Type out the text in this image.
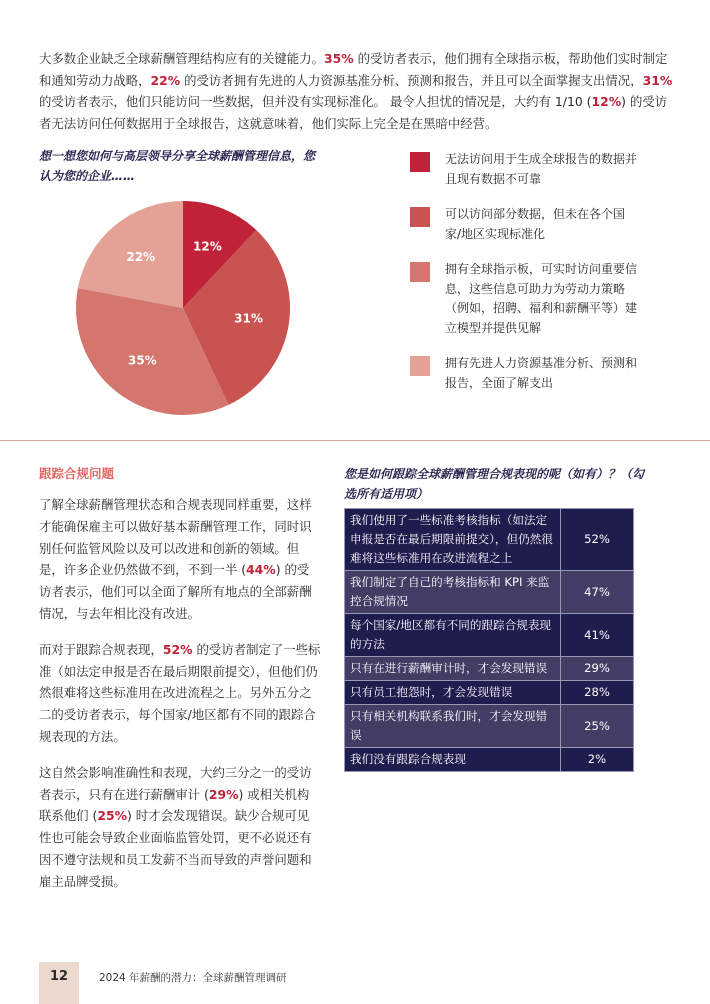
大多数企业缺乏全球薪酬管理结构应有的关键能力。35% 的受访者表示，他们拥有全球指示板，帮助他们实时制定和通知劳动力战略，22% 的受访者拥有先进的人力资源基准分析、预测和报告，并且可以全面掌握支出情况，31% 的受访者表示，他们只能访问一些数据，但并没有实现标准化。 最令人担忧的情况是，大约有 1/10 (12%) 的受访者无法访问任何数据用于全球报告，这就意味着，他们实际上完全是在黑暗中经营。

想一想您如何与高层领导分享全球薪酬管理信息，您认为您的企业……
12%
31%
35%
22%
无法访问用于生成全球报告的数据并且现有数据不可靠
可以访问部分数据，但未在各个国家/地区实现标准化
拥有全球指示板，可实时访问重要信息，这些信息可助力为劳动力策略（例如，招聘、福利和薪酬平等）建立模型并提供见解
拥有先进人力资源基准分析、预测和报告，全面了解支出
跟踪合规问题

了解全球薪酬管理状态和合规表现同样重要，这样才能确保雇主可以做好基本薪酬管理工作，同时识别任何监管风险以及可以改进和创新的领域。但是，许多企业仍然做不到，不到一半 (44%) 的受访者表示，他们可以全面了解所有地点的全部薪酬情况，与去年相比没有改进。

而对于跟踪合规表现，52% 的受访者制定了一些标准（如法定申报是否在最后期限前提交），但他们仍然很难将这些标准用在改进流程之上。另外五分之二的受访者表示，每个国家/地区都有不同的跟踪合规表现的方法。

这自然会影响准确性和表现，大约三分之一的受访者表示，只有在进行薪酬审计 (29%) 或相关机构联系他们 (25%) 时才会发现错误。缺少合规可见性也可能会导致企业面临监管处罚，更不必说还有因不遵守法规和员工发薪不当而导致的声誉问题和雇主品牌受损。

您是如何跟踪全球薪酬管理合规表现的呢（如有）？（勾选所有适用项）
我们使用了一些标准考核指标（如法定申报是否在最后期限前提交），但仍然很难将这些标准用在改进流程之上	52%
我们制定了自己的考核指标和 KPI 来监控合规情况	47%
每个国家/地区都有不同的跟踪合规表现的方法	41%
只有在进行薪酬审计时，才会发现错误	29%
只有员工抱怨时，才会发现错误	28%
只有相关机构联系我们时，才会发现错误	25%
我们没有跟踪合规表现	2%
12	2024 年薪酬的潜力：全球薪酬管理调研
